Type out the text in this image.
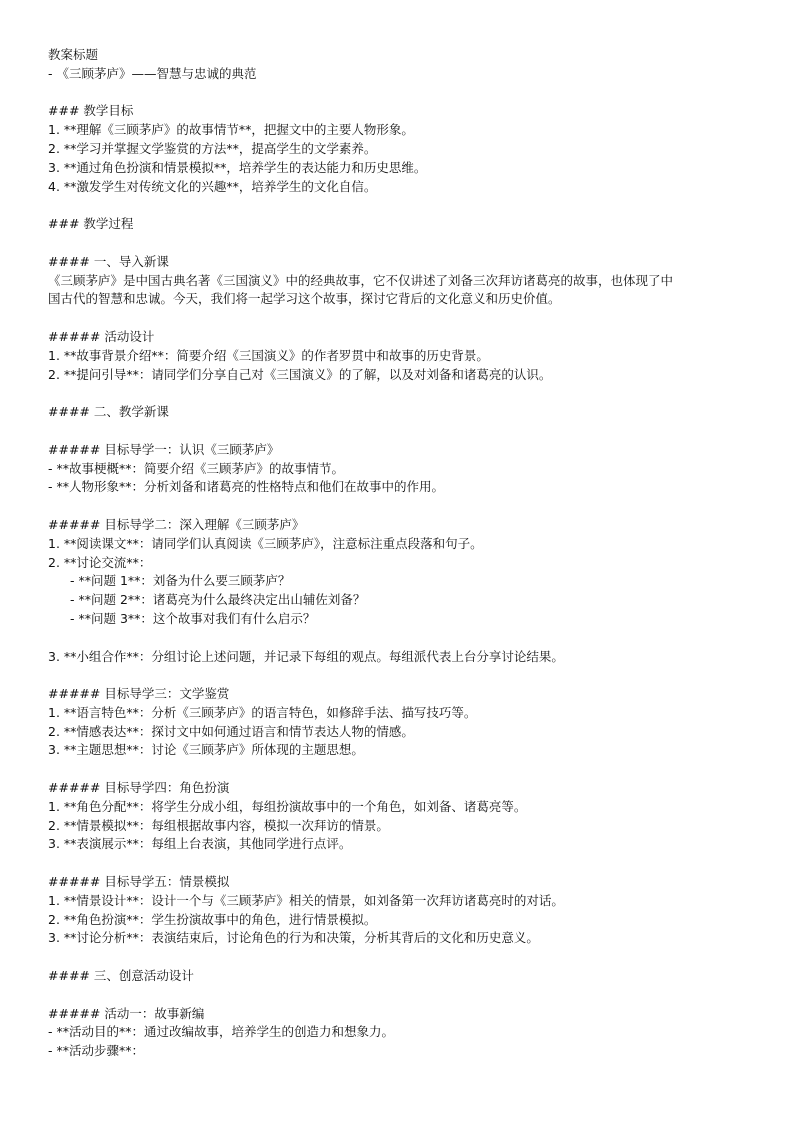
教案标题
- 《三顾茅庐》——智慧与忠诚的典范
### 教学目标
1. **理解《三顾茅庐》的故事情节**，把握文中的主要人物形象。
2. **学习并掌握文学鉴赏的方法**，提高学生的文学素养。
3. **通过角色扮演和情景模拟**，培养学生的表达能力和历史思维。
4. **激发学生对传统文化的兴趣**，培养学生的文化自信。
### 教学过程
#### 一、导入新课
《三顾茅庐》是中国古典名著《三国演义》中的经典故事，它不仅讲述了刘备三次拜访诸葛亮的故事，也体现了中
国古代的智慧和忠诚。今天，我们将一起学习这个故事，探讨它背后的文化意义和历史价值。
##### 活动设计
1. **故事背景介绍**：简要介绍《三国演义》的作者罗贯中和故事的历史背景。
2. **提问引导**：请同学们分享自己对《三国演义》的了解，以及对刘备和诸葛亮的认识。
#### 二、教学新课
##### 目标导学一：认识《三顾茅庐》
- **故事梗概**：简要介绍《三顾茅庐》的故事情节。
- **人物形象**：分析刘备和诸葛亮的性格特点和他们在故事中的作用。
##### 目标导学二：深入理解《三顾茅庐》
1. **阅读课文**：请同学们认真阅读《三顾茅庐》，注意标注重点段落和句子。
2. **讨论交流**：
- **问题 1**：刘备为什么要三顾茅庐？
- **问题 2**：诸葛亮为什么最终决定出山辅佐刘备？
- **问题 3**：这个故事对我们有什么启示？
3. **小组合作**：分组讨论上述问题，并记录下每组的观点。每组派代表上台分享讨论结果。
##### 目标导学三：文学鉴赏
1. **语言特色**：分析《三顾茅庐》的语言特色，如修辞手法、描写技巧等。
2. **情感表达**：探讨文中如何通过语言和情节表达人物的情感。
3. **主题思想**：讨论《三顾茅庐》所体现的主题思想。
##### 目标导学四：角色扮演
1. **角色分配**：将学生分成小组，每组扮演故事中的一个角色，如刘备、诸葛亮等。
2. **情景模拟**：每组根据故事内容，模拟一次拜访的情景。
3. **表演展示**：每组上台表演，其他同学进行点评。
##### 目标导学五：情景模拟
1. **情景设计**：设计一个与《三顾茅庐》相关的情景，如刘备第一次拜访诸葛亮时的对话。
2. **角色扮演**：学生扮演故事中的角色，进行情景模拟。
3. **讨论分析**：表演结束后，讨论角色的行为和决策，分析其背后的文化和历史意义。
#### 三、创意活动设计
##### 活动一：故事新编
- **活动目的**：通过改编故事，培养学生的创造力和想象力。
- **活动步骤**：
